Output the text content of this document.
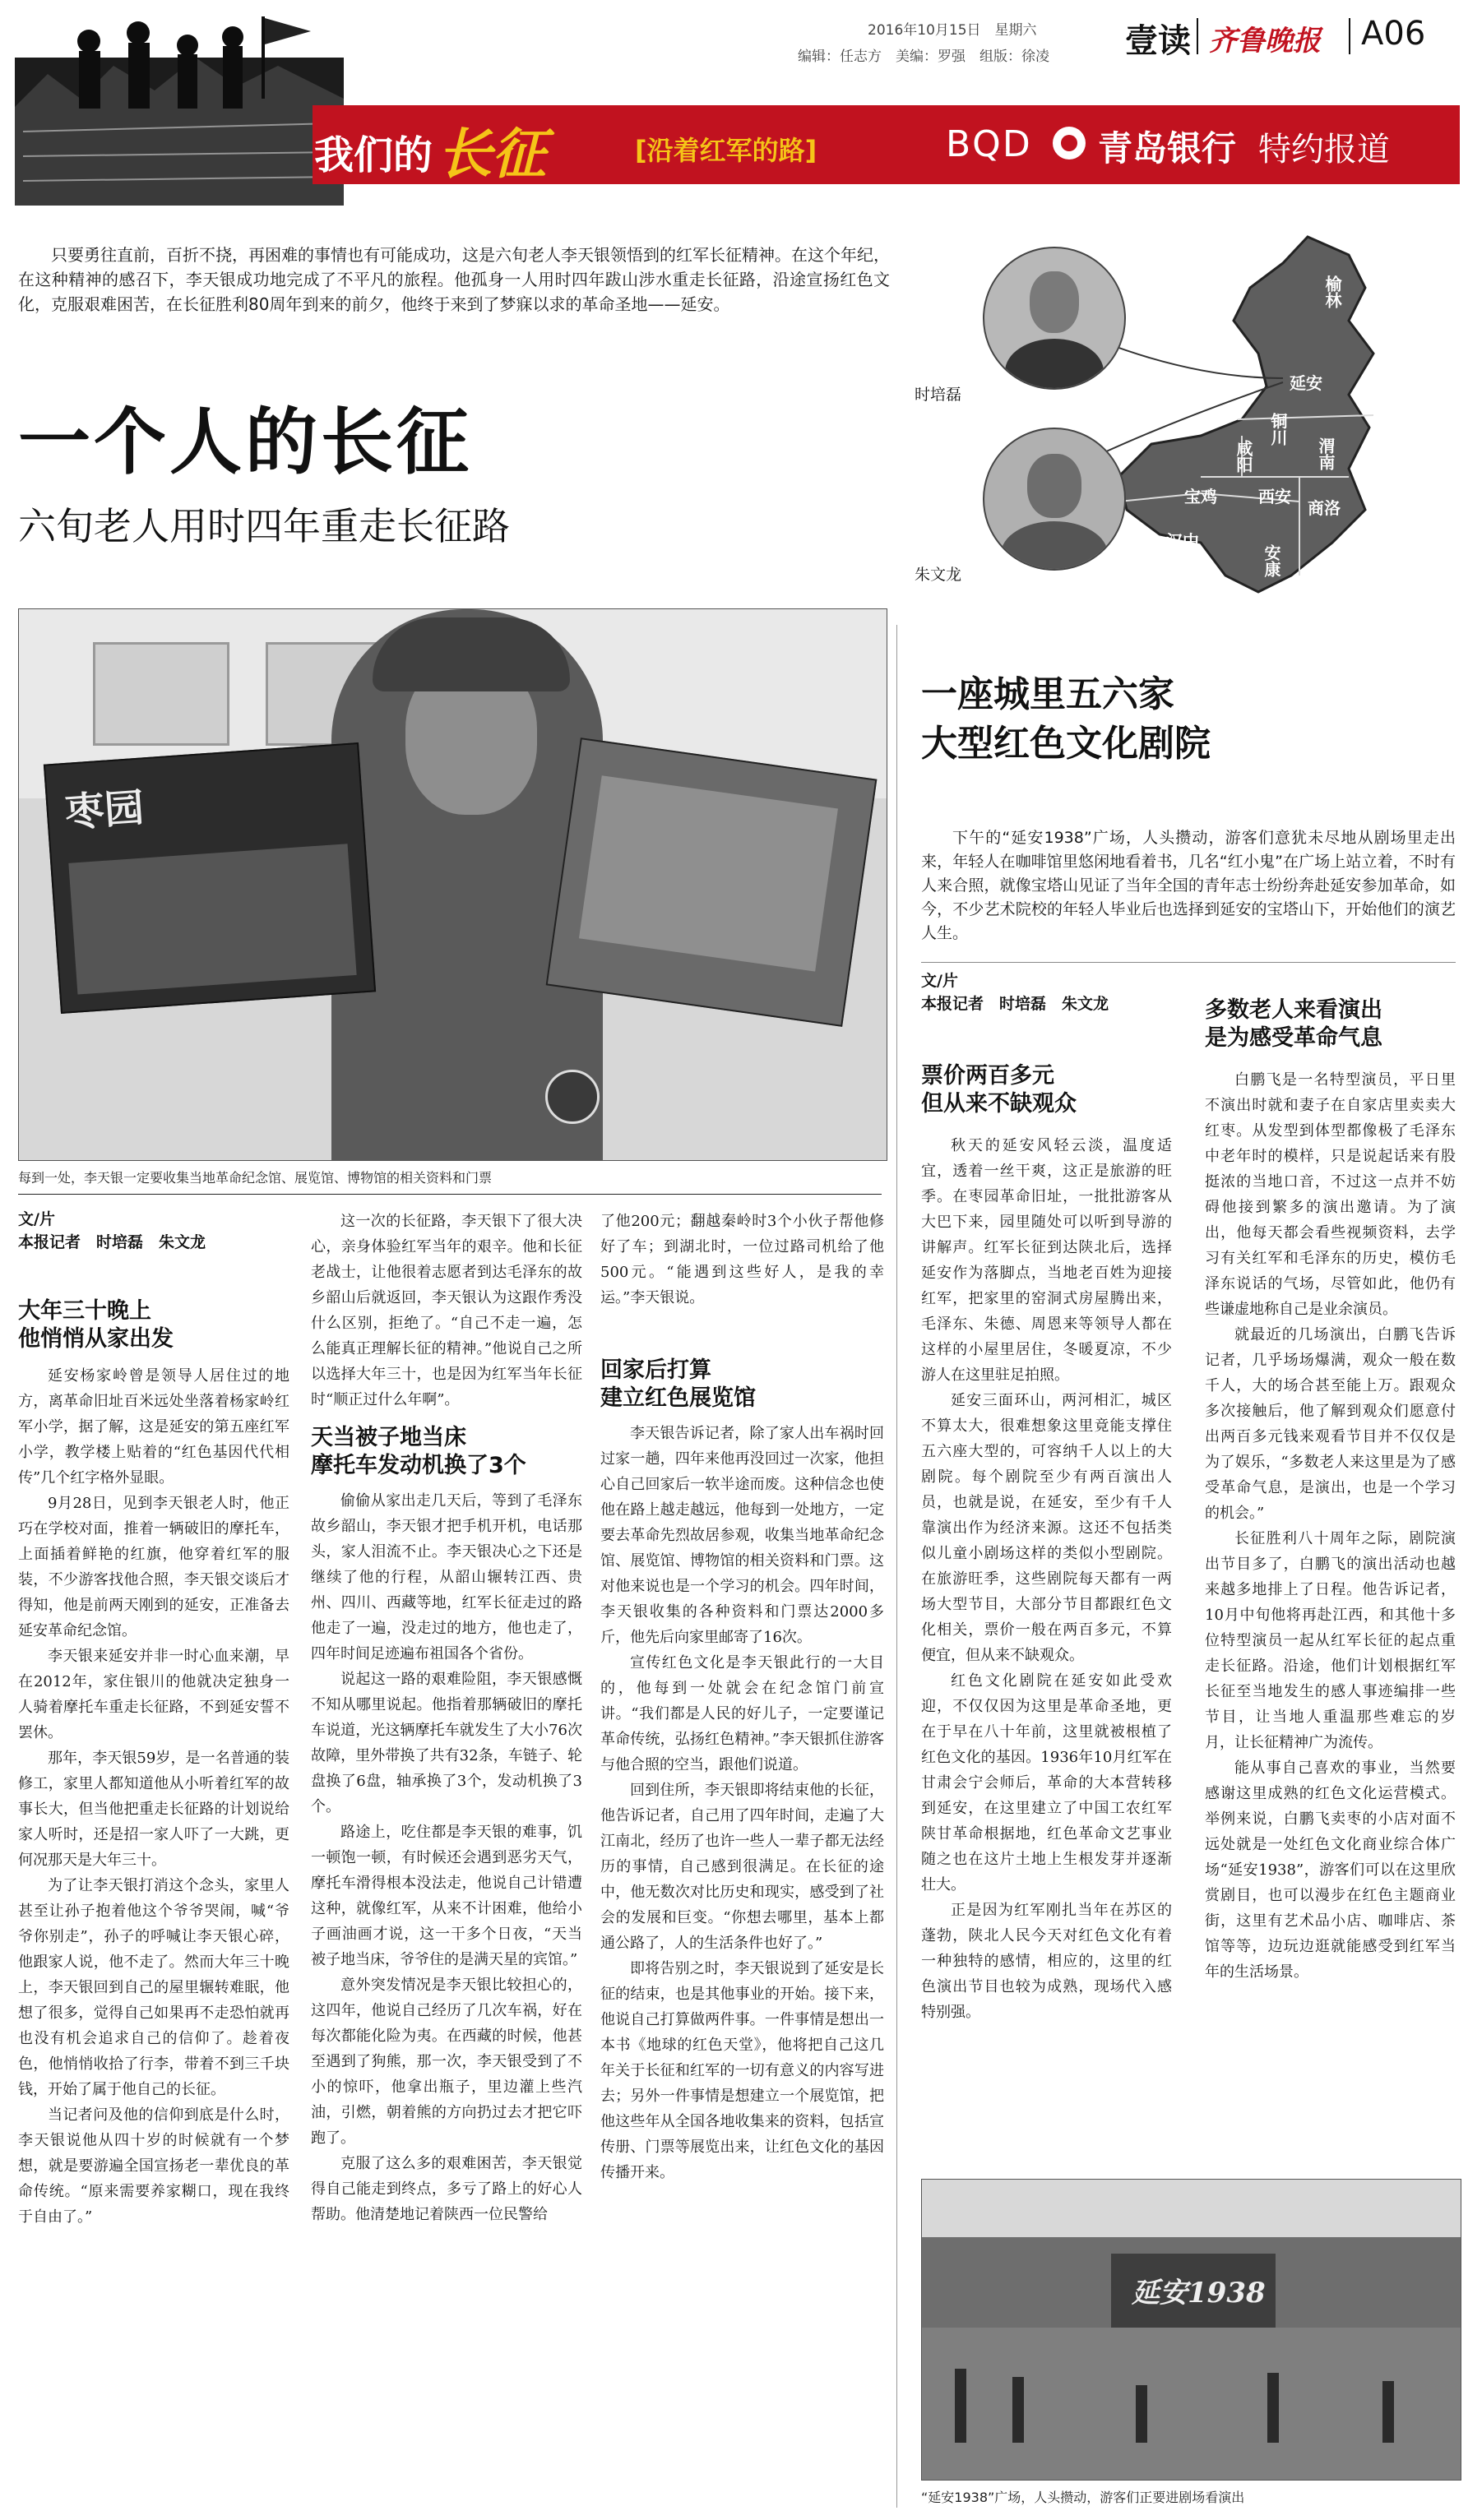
2016年10月15日　 星期六
编辑：任志方　美编：罗强　组版：徐凌 壹读 齐鲁晚报 A06
我们的 长征	[沿着红军的路]	BQD 青岛银行 特约报道

只要勇往直前，百折不挠，再困难的事情也有可能成功，这是六旬老人李天银领悟到的红军长征精神。在这个年纪，在这种精神的感召下，李天银成功地完成了不平凡的旅程。他孤身一人用时四年跋山涉水重走长征路，沿途宣扬红色文化，克服艰难困苦，在长征胜利80周年到来的前夕，他终于来到了梦寐以求的革命圣地——延安。

一个人的长征
六旬老人用时四年重走长征路
榆林
延安
铜川
渭南
咸阳
宝鸡	西安
商洛
汉中
安康
时培磊
朱文龙
枣园
每到一处，李天银一定要收集当地革命纪念馆、展览馆、博物馆的相关资料和门票
文/片
本报记者　时培磊　朱文龙
大年三十晚上
他悄悄从家出发

延安杨家岭曾是领导人居住过的地方，离革命旧址百米远处坐落着杨家岭红军小学，据了解，这是延安的第五座红军小学，教学楼上贴着的“红色基因代代相传”几个红字格外显眼。

9月28日，见到李天银老人时，他正巧在学校对面，推着一辆破旧的摩托车，上面插着鲜艳的红旗，他穿着红军的服装，不少游客找他合照，李天银交谈后才得知，他是前两天刚到的延安，正准备去延安革命纪念馆。

李天银来延安并非一时心血来潮，早在2012年，家住银川的他就决定独身一人骑着摩托车重走长征路，不到延安誓不罢休。

那年，李天银59岁，是一名普通的装修工，家里人都知道他从小听着红军的故事长大，但当他把重走长征路的计划说给家人听时，还是招一家人吓了一大跳，更何况那天是大年三十。

为了让李天银打消这个念头，家里人甚至让孙子抱着他这个爷爷哭闹，喊“爷爷你别走”，孙子的呼喊让李天银心碎，他跟家人说，他不走了。然而大年三十晚上，李天银回到自己的屋里辗转难眠，他想了很多，觉得自己如果再不走恐怕就再也没有机会追求自己的信仰了。趁着夜色，他悄悄收拾了行李，带着不到三千块钱，开始了属于他自己的长征。

当记者问及他的信仰到底是什么时，李天银说他从四十岁的时候就有一个梦想，就是要游遍全国宣扬老一辈优良的革命传统。“原来需要养家糊口，现在我终于自由了。”

这一次的长征路，李天银下了很大决心，亲身体验红军当年的艰辛。他和长征老战士，让他很着志愿者到达毛泽东的故乡韶山后就返回，李天银认为这跟作秀没什么区别，拒绝了。“自己不走一遍，怎么能真正理解长征的精神。”他说自己之所以选择大年三十，也是因为红军当年长征时“顺正过什么年啊”。

天当被子地当床
摩托车发动机换了3个

偷偷从家出走几天后，等到了毛泽东故乡韶山，李天银才把手机开机，电话那头，家人泪流不止。李天银决心之下还是继续了他的行程，从韶山辗转江西、贵州、四川、西藏等地，红军长征走过的路他走了一遍，没走过的地方，他也走了，四年时间足迹遍布祖国各个省份。

说起这一路的艰难险阻，李天银感慨不知从哪里说起。他指着那辆破旧的摩托车说道，光这辆摩托车就发生了大小76次故障，里外带换了共有32条，车链子、轮盘换了6盘，轴承换了3个，发动机换了3个。

路途上，吃住都是李天银的难事，饥一顿饱一顿，有时候还会遇到恶劣天气，摩托车滑得根本没法走，他说自己计错遭这种，就像红军，从来不计困难，他给小子画油画才说，这一干多个日夜，“天当被子地当床，爷爷住的是满天星的宾馆。”

意外突发情况是李天银比较担心的，这四年，他说自己经历了几次车祸，好在每次都能化险为夷。在西藏的时候，他甚至遇到了狗熊，那一次，李天银受到了不小的惊吓，他拿出瓶子，里边灌上些汽油，引燃，朝着熊的方向扔过去才把它吓跑了。

克服了这么多的艰难困苦，李天银觉得自己能走到终点，多亏了路上的好心人帮助。他清楚地记着陕西一位民警给

了他200元；翻越秦岭时3个小伙子帮他修好了车；到湖北时，一位过路司机给了他500元。“能遇到这些好人，是我的幸运。”李天银说。

回家后打算
建立红色展览馆

李天银告诉记者，除了家人出车祸时回过家一趟，四年来他再没回过一次家，他担心自己回家后一软半途而废。这种信念也使他在路上越走越远，他每到一处地方，一定要去革命先烈故居参观，收集当地革命纪念馆、展览馆、博物馆的相关资料和门票。这对他来说也是一个学习的机会。四年时间，李天银收集的各种资料和门票达2000多斤，他先后向家里邮寄了16次。

宣传红色文化是李天银此行的一大目的，他每到一处就会在纪念馆门前宣讲。“我们都是人民的好儿子，一定要谨记革命传统，弘扬红色精神。”李天银抓住游客与他合照的空当，跟他们说道。

回到住所，李天银即将结束他的长征，他告诉记者，自己用了四年时间，走遍了大江南北，经历了也许一些人一辈子都无法经历的事情，自己感到很满足。在长征的途中，他无数次对比历史和现实，感受到了社会的发展和巨变。“你想去哪里，基本上都通公路了，人的生活条件也好了。”

即将告别之时，李天银说到了延安是长征的结束，也是其他事业的开始。接下来，他说自己打算做两件事。一件事情是想出一本书《地球的红色天堂》，他将把自己这几年关于长征和红军的一切有意义的内容写进去；另外一件事情是想建立一个展览馆，把他这些年从全国各地收集来的资料，包括宣传册、门票等展览出来，让红色文化的基因传播开来。

一座城里五六家
大型红色文化剧院

下午的“延安1938”广场，人头攒动，游客们意犹未尽地从剧场里走出来，年轻人在咖啡馆里悠闲地看着书，几名“红小鬼”在广场上站立着，不时有人来合照，就像宝塔山见证了当年全国的青年志士纷纷奔赴延安参加革命，如今，不少艺术院校的年轻人毕业后也选择到延安的宝塔山下，开始他们的演艺人生。

文/片
本报记者　时培磊　朱文龙
票价两百多元
但从来不缺观众

秋天的延安风轻云淡，温度适宜，透着一丝干爽，这正是旅游的旺季。在枣园革命旧址，一批批游客从大巴下来，园里随处可以听到导游的讲解声。红军长征到达陕北后，选择延安作为落脚点，当地老百姓为迎接红军，把家里的窑洞式房屋腾出来，毛泽东、朱德、周恩来等领导人都在这样的小屋里居住，冬暖夏凉，不少游人在这里驻足拍照。

延安三面环山，两河相汇，城区不算太大，很难想象这里竟能支撑住五六座大型的，可容纳千人以上的大剧院。每个剧院至少有两百演出人员，也就是说，在延安，至少有千人靠演出作为经济来源。这还不包括类似儿童小剧场这样的类似小型剧院。在旅游旺季，这些剧院每天都有一两场大型节目，大部分节目都跟红色文化相关，票价一般在两百多元，不算便宜，但从来不缺观众。

红色文化剧院在延安如此受欢迎，不仅仅因为这里是革命圣地，更在于早在八十年前，这里就被根植了红色文化的基因。1936年10月红军在甘肃会宁会师后，革命的大本营转移到延安，在这里建立了中国工农红军陕甘革命根据地，红色革命文艺事业随之也在这片土地上生根发芽并逐渐壮大。

正是因为红军刚扎当年在苏区的蓬勃，陕北人民今天对红色文化有着一种独特的感情，相应的，这里的红色演出节目也较为成熟，现场代入感特别强。

多数老人来看演出
是为感受革命气息

白鹏飞是一名特型演员，平日里不演出时就和妻子在自家店里卖卖大红枣。从发型到体型都像极了毛泽东中老年时的模样，只是说起话来有股挺浓的当地口音，不过这一点并不妨碍他接到繁多的演出邀请。为了演出，他每天都会看些视频资料，去学习有关红军和毛泽东的历史，模仿毛泽东说话的气场，尽管如此，他仍有些谦虚地称自己是业余演员。

就最近的几场演出，白鹏飞告诉记者，几乎场场爆满，观众一般在数千人，大的场合甚至能上万。跟观众多次接触后，他了解到观众们愿意付出两百多元钱来观看节目并不仅仅是为了娱乐，“多数老人来这里是为了感受革命气息，是演出，也是一个学习的机会。”

长征胜利八十周年之际，剧院演出节目多了，白鹏飞的演出活动也越来越多地排上了日程。他告诉记者，10月中旬他将再赴江西，和其他十多位特型演员一起从红军长征的起点重走长征路。沿途，他们计划根据红军长征至当地发生的感人事迹编排一些节目，让当地人重温那些难忘的岁月，让长征精神广为流传。

能从事自己喜欢的事业，当然要感谢这里成熟的红色文化运营模式。举例来说，白鹏飞卖枣的小店对面不远处就是一处红色文化商业综合体广场“延安1938”，游客们可以在这里欣赏剧目，也可以漫步在红色主题商业街，这里有艺术品小店、咖啡店、茶馆等等，边玩边逛就能感受到红军当年的生活场景。

延安1938
“延安1938”广场，人头攒动，游客们正要进剧场看演出
